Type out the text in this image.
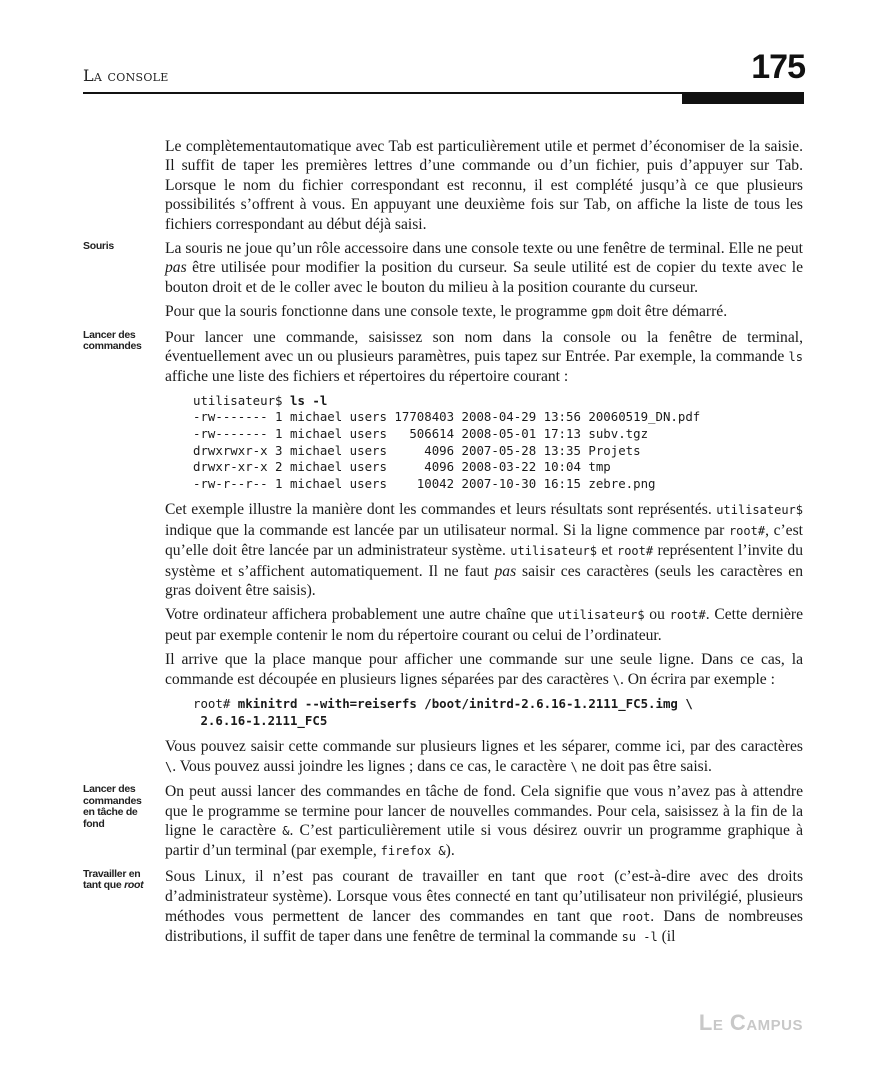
La console	175

Le complètementautomatique avec Tab est particulièrement utile et permet d’économiser de la saisie. Il suffit de taper les premières lettres d’une commande ou d’un fichier, puis d’appuyer sur Tab. Lorsque le nom du fichier correspondant est reconnu, il est complété jusqu’à ce que plusieurs possibilités s’offrent à vous. En appuyant une deuxième fois sur Tab, on affiche la liste de tous les fichiers correspondant au début déjà saisi.

Souris	La souris ne joue qu’un rôle accessoire dans une console texte ou une fenêtre de terminal. Elle ne peut pas être utilisée pour modifier la position du curseur. Sa seule utilité est de copier du texte avec le bouton droit et de le coller avec le bouton du milieu à la position courante du curseur.

Pour que la souris fonctionne dans une console texte, le programme gpm doit être démarré.

Lancer des commandes
Pour lancer une commande, saisissez son nom dans la console ou la fenêtre de terminal, éventuellement avec un ou plusieurs paramètres, puis tapez sur Entrée. Par exemple, la commande ls affiche une liste des fichiers et répertoires du répertoire courant :

utilisateur$ ls -l
-rw------- 1 michael users 17708403 2008-04-29 13:56 20060519_DN.pdf
-rw------- 1 michael users   506614 2008-05-01 17:13 subv.tgz
drwxrwxr-x 3 michael users     4096 2007-05-28 13:35 Projets
drwxr-xr-x 2 michael users     4096 2008-03-22 10:04 tmp
-rw-r--r-- 1 michael users    10042 2007-10-30 16:15 zebre.png

Cet exemple illustre la manière dont les commandes et leurs résultats sont représentés. utilisateur$ indique que la commande est lancée par un utilisateur normal. Si la ligne commence par root#, c’est qu’elle doit être lancée par un administrateur système. utilisateur$ et root# représentent l’invite du système et s’affichent automatiquement. Il ne faut pas saisir ces caractères (seuls les caractères en gras doivent être saisis).

Votre ordinateur affichera probablement une autre chaîne que utilisateur$ ou root#. Cette dernière peut par exemple contenir le nom du répertoire courant ou celui de l’ordinateur.

Il arrive que la place manque pour afficher une commande sur une seule ligne. Dans ce cas, la commande est découpée en plusieurs lignes séparées par des caractères \. On écrira par exemple :

root# mkinitrd --with=reiserfs /boot/initrd-2.6.16-1.2111_FC5.img \
2.6.16-1.2111_FC5

Vous pouvez saisir cette commande sur plusieurs lignes et les séparer, comme ici, par des caractères \. Vous pouvez aussi joindre les lignes ; dans ce cas, le caractère \ ne doit pas être saisi.

Lancer des commandes en tâche de fond
On peut aussi lancer des commandes en tâche de fond. Cela signifie que vous n’avez pas à attendre que le programme se termine pour lancer de nouvelles commandes. Pour cela, saisissez à la fin de la ligne le caractère &. C’est particulièrement utile si vous désirez ouvrir un programme graphique à partir d’un terminal (par exemple, firefox &).

Travailler en tant que root
Sous Linux, il n’est pas courant de travailler en tant que root (c’est-à-dire avec des droits d’administrateur système). Lorsque vous êtes connecté en tant qu’utilisateur non privilégié, plusieurs méthodes vous permettent de lancer des commandes en tant que root. Dans de nombreuses distributions, il suffit de taper dans une fenêtre de terminal la commande su -l (il

Le Campus
